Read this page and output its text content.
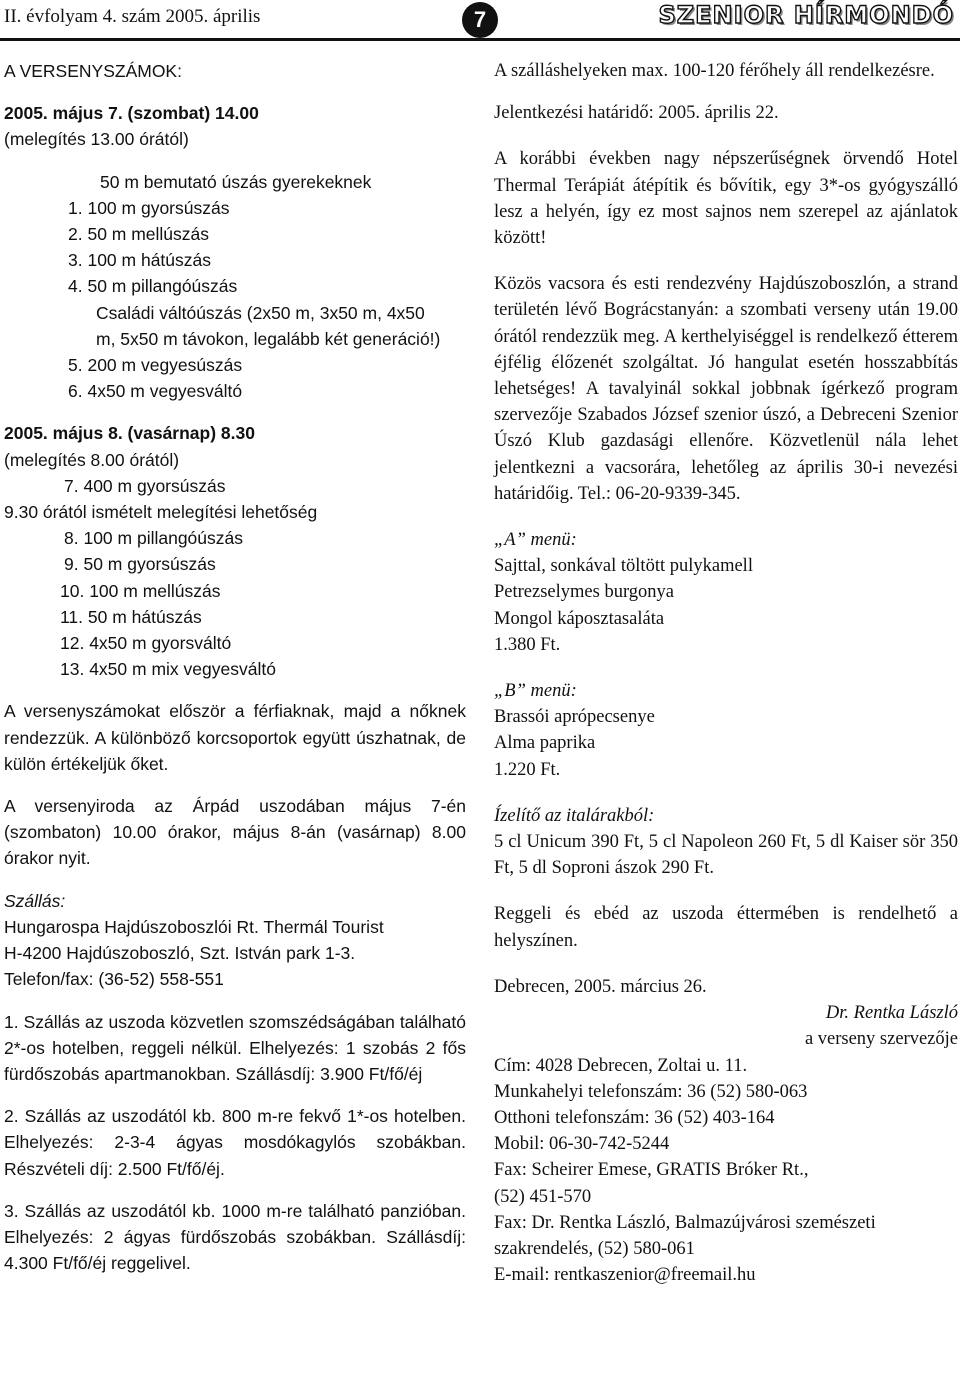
II. évfolyam 4. szám 2005. április	7	SZENIOR HÍRMONDÓ

A VERSENYSZÁMOK:

2005. május 7. (szombat) 14.00

(melegítés 13.00 órától)

50 m bemutató úszás gyerekeknek

1. 100 m gyorsúszás

2. 50 m mellúszás

3. 100 m hátúszás

4. 50 m pillangóúszás

Családi váltóúszás (2x50 m, 3x50 m, 4x50

m, 5x50 m távokon, legalább két generáció!)

5. 200 m vegyesúszás

6. 4x50 m vegyesváltó

2005. május 8. (vasárnap) 8.30

(melegítés 8.00 órától)

7. 400 m gyorsúszás

9.30 órától ismételt melegítési lehetőség

8. 100 m pillangóúszás

9. 50 m gyorsúszás

10. 100 m mellúszás

11. 50 m hátúszás

12. 4x50 m gyorsváltó

13. 4x50 m mix vegyesváltó

A versenyszámokat először a férfiaknak, majd a nőknek rendezzük. A különböző korcsoportok együtt úszhatnak, de külön értékeljük őket.

A versenyiroda az Árpád uszodában május 7-én (szombaton) 10.00 órakor, május 8-án (vasárnap) 8.00 órakor nyit.

Szállás:

Hungarospa Hajdúszoboszlói Rt. Thermál Tourist

H-4200 Hajdúszoboszló, Szt. István park 1-3.

Telefon/fax: (36-52) 558-551

1. Szállás az uszoda közvetlen szomszédságában található 2*-os hotelben, reggeli nélkül. Elhelyezés: 1 szobás 2 fős fürdőszobás apartmanokban. Szállásdíj: 3.900 Ft/fő/éj

2. Szállás az uszodától kb. 800 m-re fekvő 1*-os hotelben. Elhelyezés: 2-3-4 ágyas mosdókagylós szobákban. Részvételi díj: 2.500 Ft/fő/éj.

3. Szállás az uszodától kb. 1000 m-re található panzióban. Elhelyezés: 2 ágyas fürdőszobás szobákban. Szállásdíj: 4.300 Ft/fő/éj reggelivel.

A szálláshelyeken max. 100-120 férőhely áll rendelkezésre.

Jelentkezési határidő: 2005. április 22.

A korábbi években nagy népszerűségnek örvendő Hotel Thermal Terápiát átépítik és bővítik, egy 3*-os gyógyszálló lesz a helyén, így ez most sajnos nem szerepel az ajánlatok között!

Közös vacsora és esti rendezvény Hajdúszoboszlón, a strand területén lévő Bográcstanyán: a szombati verseny után 19.00 órától rendezzük meg. A kerthelyiséggel is rendelkező étterem éjfélig élőzenét szolgáltat. Jó hangulat esetén hosszabbítás lehetséges! A tavalyinál sokkal jobbnak ígérkező program szervezője Szabados József szenior úszó, a Debreceni Szenior Úszó Klub gazdasági ellenőre. Közvetlenül nála lehet jelentkezni a vacsorára, lehetőleg az április 30-i nevezési határidőig. Tel.: 06-20-9339-345.

„A” menü:

Sajttal, sonkával töltött pulykamell

Petrezselymes burgonya

Mongol káposztasaláta

1.380 Ft.

„B” menü:

Brassói aprópecsenye

Alma paprika

1.220 Ft.

Ízelítő az italárakból:

5 cl Unicum 390 Ft, 5 cl Napoleon 260 Ft, 5 dl Kaiser sör 350 Ft, 5 dl Soproni ászok 290 Ft.

Reggeli és ebéd az uszoda éttermében is rendelhető a helyszínen.

Debrecen, 2005. március 26.

Dr. Rentka László

a verseny szervezője

Cím: 4028 Debrecen, Zoltai u. 11.

Munkahelyi telefonszám: 36 (52) 580-063

Otthoni telefonszám: 36 (52) 403-164

Mobil: 06-30-742-5244

Fax: Scheirer Emese, GRATIS Bróker Rt.,

(52) 451-570

Fax: Dr. Rentka László, Balmazújvárosi szemészeti

szakrendelés, (52) 580-061

E-mail: rentkaszenior@freemail.hu
